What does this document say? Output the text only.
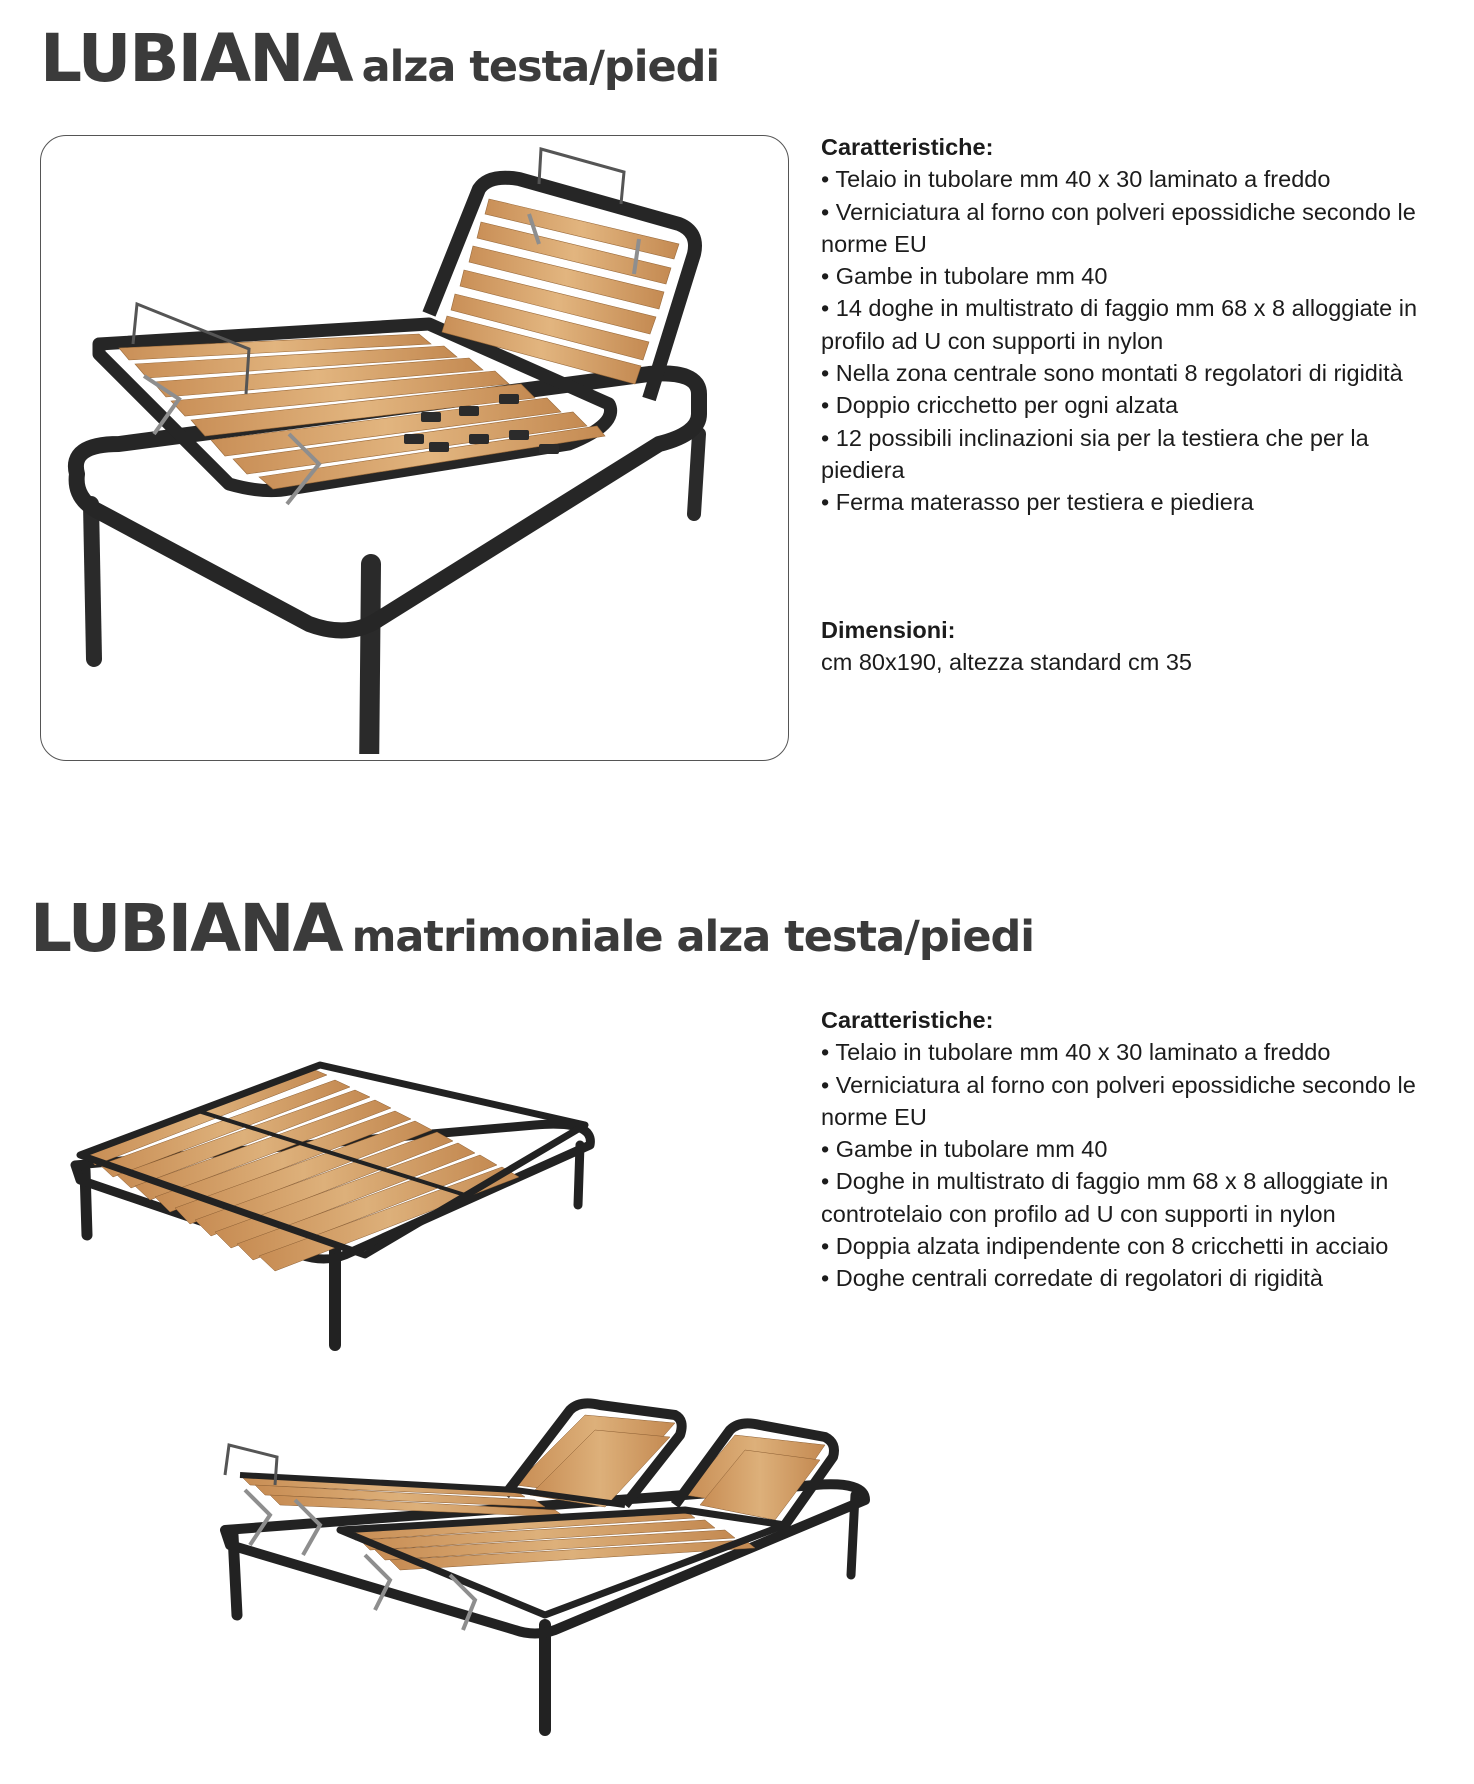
LUBIANA alza testa/piedi
Caratteristiche:
• Telaio in tubolare mm 40 x 30 laminato a freddo
• Verniciatura al forno con polveri epossidiche secondo le norme EU
• Gambe in tubolare mm 40
• 14 doghe in multistrato di faggio mm 68 x 8 alloggiate in profilo ad U con supporti in nylon
• Nella zona centrale sono montati 8 regolatori di rigidità
• Doppio cricchetto per ogni alzata
• 12 possibili inclinazioni sia per la testiera che per la piediera
• Ferma materasso per testiera e piediera
Dimensioni:
cm 80x190, altezza standard cm 35
LUBIANA matrimoniale alza testa/piedi
Caratteristiche:
• Telaio in tubolare mm 40 x 30 laminato a freddo
• Verniciatura al forno con polveri epossidiche secondo le norme EU
• Gambe in tubolare mm 40
• Doghe in multistrato di faggio mm 68 x 8 alloggiate in controtelaio con profilo ad U con supporti in nylon
• Doppia alzata indipendente con 8 cricchetti in acciaio
• Doghe centrali corredate di regolatori di rigidità
